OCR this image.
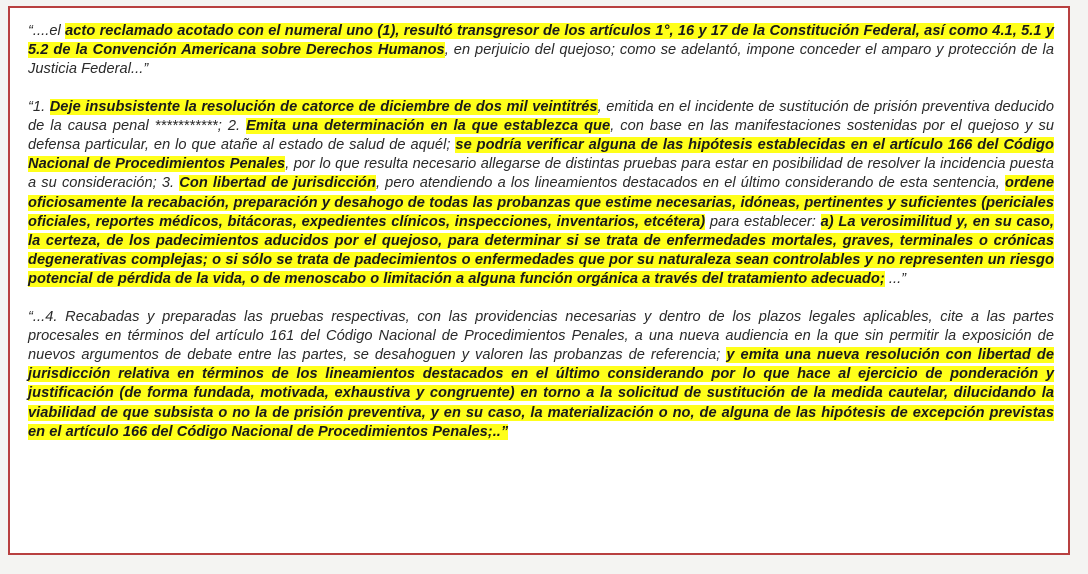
“....el acto reclamado acotado con el numeral uno (1), resultó transgresor de los artículos 1°, 16 y 17 de la Constitución Federal, así como 4.1, 5.1 y 5.2 de la Convención Americana sobre Derechos Humanos, en perjuicio del quejoso; como se adelantó, impone conceder el amparo y protección de la Justicia Federal...”

“1. Deje insubsistente la resolución de catorce de diciembre de dos mil veintitrés, emitida en el incidente de sustitución de prisión preventiva deducido de la causa penal ***********; 2. Emita una determinación en la que establezca que, con base en las manifestaciones sostenidas por el quejoso y su defensa particular, en lo que atañe al estado de salud de aquél; se podría verificar alguna de las hipótesis establecidas en el artículo 166 del Código Nacional de Procedimientos Penales, por lo que resulta necesario allegarse de distintas pruebas para estar en posibilidad de resolver la incidencia puesta a su consideración; 3. Con libertad de jurisdicción, pero atendiendo a los lineamientos destacados en el último considerando de esta sentencia, ordene oficiosamente la recabación, preparación y desahogo de todas las probanzas que estime necesarias, idóneas, pertinentes y suficientes (periciales oficiales, reportes médicos, bitácoras, expedientes clínicos, inspecciones, inventarios, etcétera) para establecer: a) La verosimilitud y, en su caso, la certeza, de los padecimientos aducidos por el quejoso, para determinar si se trata de enfermedades mortales, graves, terminales o crónicas degenerativas complejas; o si sólo se trata de padecimientos o enfermedades que por su naturaleza sean controlables y no representen un riesgo potencial de pérdida de la vida, o de menoscabo o limitación a alguna función orgánica a través del tratamiento adecuado; ...”

“...4. Recabadas y preparadas las pruebas respectivas, con las providencias necesarias y dentro de los plazos legales aplicables, cite a las partes procesales en términos del artículo 161 del Código Nacional de Procedimientos Penales, a una nueva audiencia en la que sin permitir la exposición de nuevos argumentos de debate entre las partes, se desahoguen y valoren las probanzas de referencia; y emita una nueva resolución con libertad de jurisdicción relativa en términos de los lineamientos destacados en el último considerando por lo que hace al ejercicio de ponderación y justificación (de forma fundada, motivada, exhaustiva y congruente) en torno a la solicitud de sustitución de la medida cautelar, dilucidando la viabilidad de que subsista o no la de prisión preventiva, y en su caso, la materialización o no, de alguna de las hipótesis de excepción previstas en el artículo 166 del Código Nacional de Procedimientos Penales;..”
